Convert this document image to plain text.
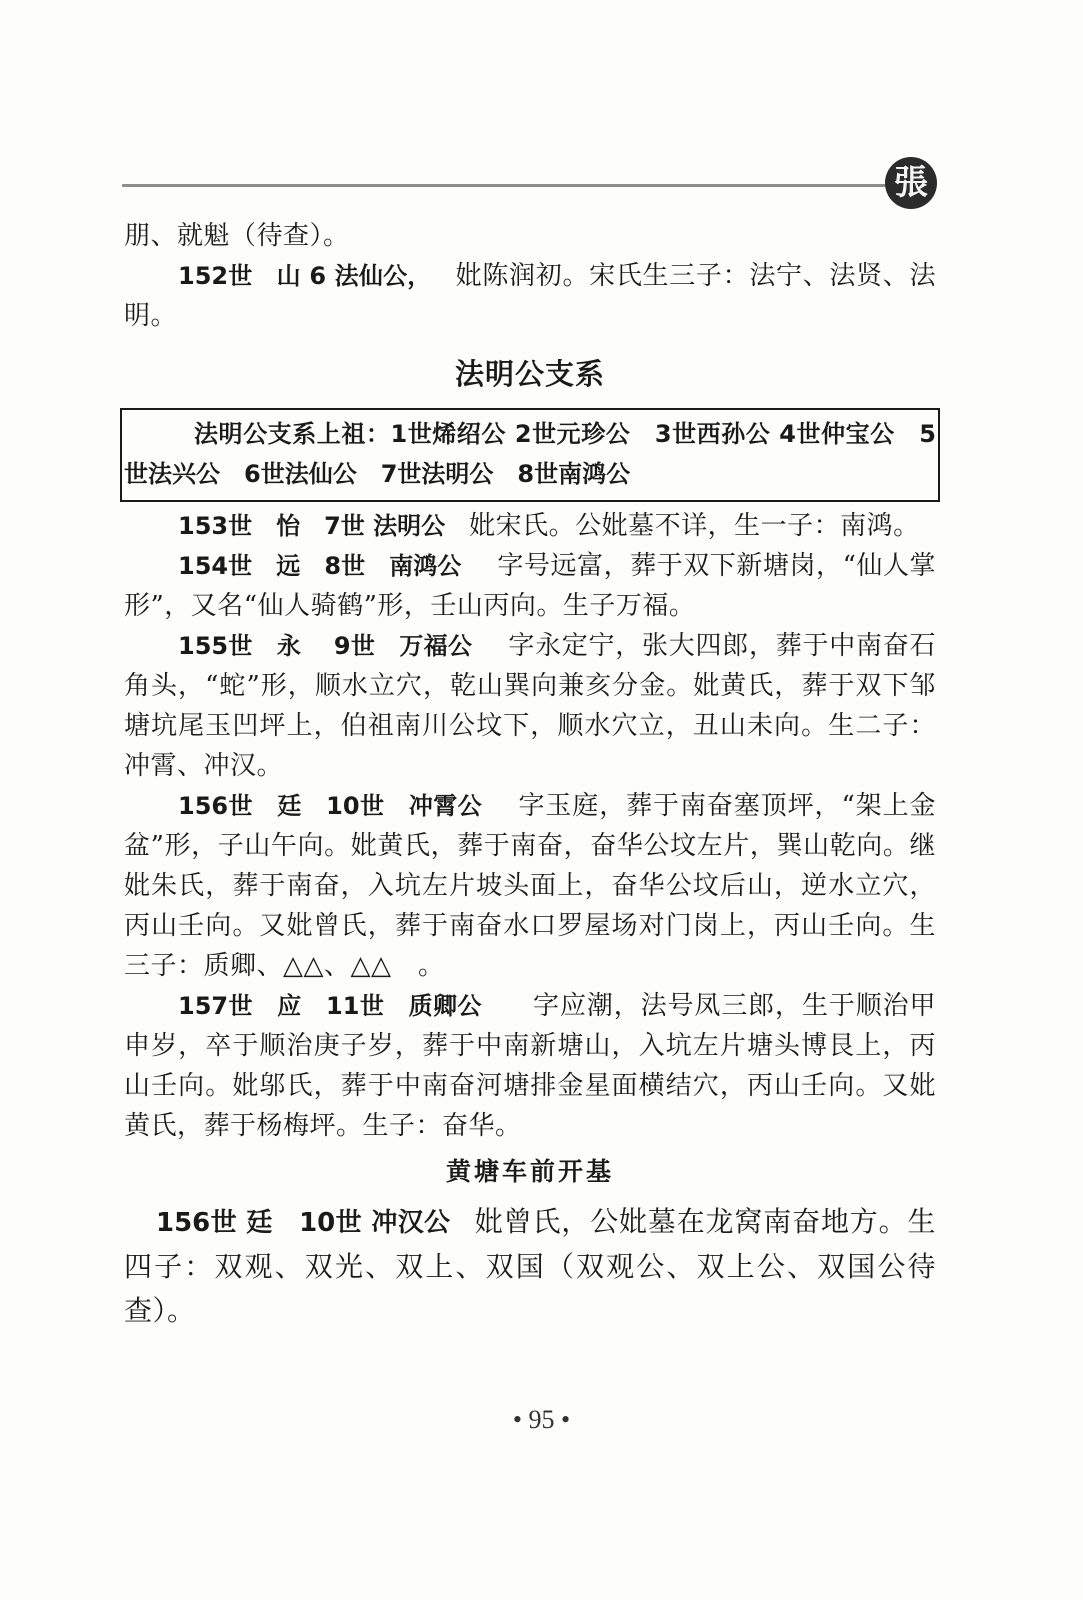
張

朋、就魁（待查）。

152世　山 6 法仙公， 妣陈润初。宋氏生三子：法宁、法贤、法明。

法明公支系
法明公支系上祖：1世烯绍公 2世元珍公　3世西孙公 4世仲宝公　5世法兴公　6世法仙公　7世法明公　8世南鸿公

153世　怡　7世 法明公 妣宋氏。公妣墓不详，生一子：南鸿。

154世　远　8世　南鸿公 字号远富，葬于双下新塘岗，“仙人掌形”，又名“仙人骑鹤”形，壬山丙向。生子万福。

155世　永　 9世　万福公 字永定宁，张大四郎，葬于中南奋石角头，“蛇”形，顺水立穴，乾山巽向兼亥分金。妣黄氏，葬于双下邹塘坑尾玉凹坪上，伯祖南川公坟下，顺水穴立，丑山未向。生二子：冲霄、冲汉。

156世　廷　10世　冲霄公 字玉庭，葬于南奋塞顶坪，“架上金盆”形，子山午向。妣黄氏，葬于南奋，奋华公坟左片，巽山乾向。继妣朱氏，葬于南奋，入坑左片坡头面上，奋华公坟后山，逆水立穴，丙山壬向。又妣曾氏，葬于南奋水口罗屋场对门岗上，丙山壬向。生三子：质卿、△△、△△　。

157世　应　11世　质卿公　字应潮，法号凤三郎，生于顺治甲申岁，卒于顺治庚子岁，葬于中南新塘山，入坑左片塘头博艮上，丙山壬向。妣邬氏，葬于中南奋河塘排金星面横结穴，丙山壬向。又妣黄氏，葬于杨梅坪。生子：奋华。

黄塘车前开基

156世 廷　10世 冲汉公 妣曾氏，公妣墓在龙窝南奋地方。生四子：双观、双光、双上、双国（双观公、双上公、双国公待查）。

• 95 •
